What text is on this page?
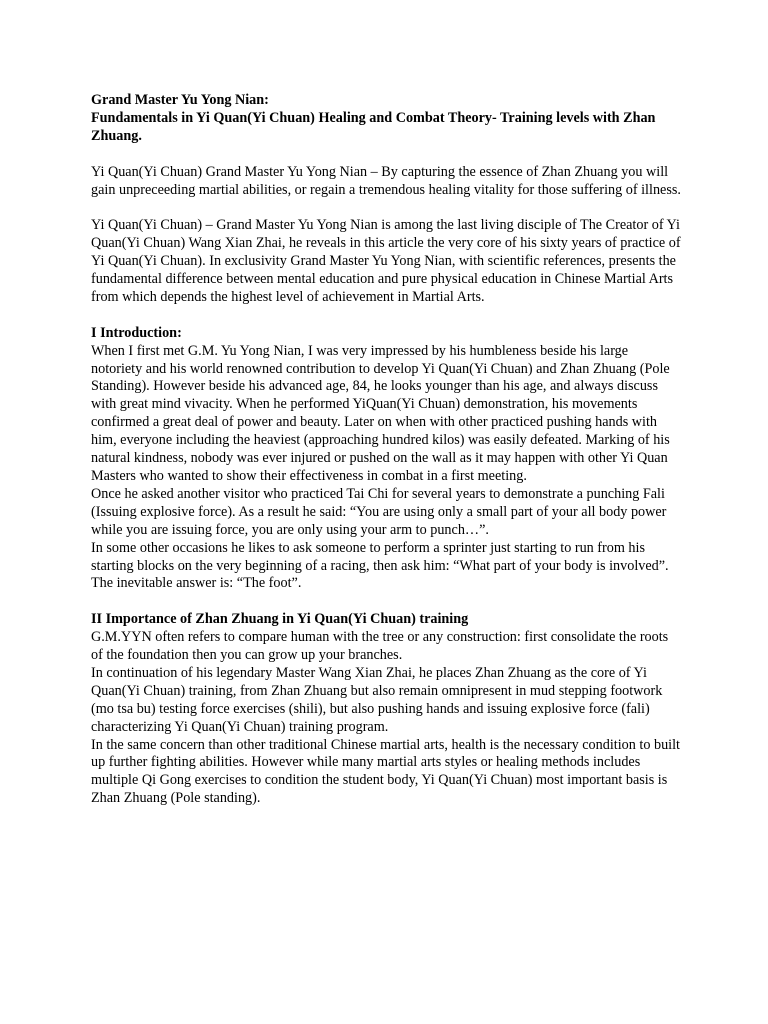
Grand Master Yu Yong Nian:

Fundamentals in Yi Quan(Yi Chuan) Healing and Combat Theory- Training levels with Zhan Zhuang.

Yi Quan(Yi Chuan) Grand Master Yu Yong Nian – By capturing the essence of Zhan Zhuang you will gain unpreceeding martial abilities, or regain a tremendous healing vitality for those suffering of illness.

Yi Quan(Yi Chuan) – Grand Master Yu Yong Nian is among the last living disciple of The Creator of Yi Quan(Yi Chuan) Wang Xian Zhai, he reveals in this article the very core of his sixty years of practice of Yi Quan(Yi Chuan). In exclusivity Grand Master Yu Yong Nian, with scientific references, presents the fundamental difference between mental education and pure physical education in Chinese Martial Arts from which depends the highest level of achievement in Martial Arts.

I Introduction:

When I first met G.M. Yu Yong Nian, I was very impressed by his humbleness beside his large notoriety and his world renowned contribution to develop Yi Quan(Yi Chuan) and Zhan Zhuang (Pole Standing). However beside his advanced age, 84, he looks younger than his age, and always discuss with great mind vivacity. When he performed YiQuan(Yi Chuan) demonstration, his movements confirmed a great deal of power and beauty. Later on when with other practiced pushing hands with him, everyone including the heaviest (approaching hundred kilos) was easily defeated. Marking of his natural kindness, nobody was ever injured or pushed on the wall as it may happen with other Yi Quan Masters who wanted to show their effectiveness in combat in a first meeting.

Once he asked another visitor who practiced Tai Chi for several years to demonstrate a punching Fali (Issuing explosive force). As a result he said: “You are using only a small part of your all body power while you are issuing force, you are only using your arm to punch…”.

In some other occasions he likes to ask someone to perform a sprinter just starting to run from his starting blocks on the very beginning of a racing, then ask him: “What part of your body is involved”. The inevitable answer is: “The foot”.

II Importance of Zhan Zhuang in Yi Quan(Yi Chuan) training

G.M.YYN often refers to compare human with the tree or any construction: first consolidate the roots of the foundation then you can grow up your branches.

In continuation of his legendary Master Wang Xian Zhai, he places Zhan Zhuang as the core of Yi Quan(Yi Chuan) training, from Zhan Zhuang but also remain omnipresent in mud stepping footwork (mo tsa bu) testing force exercises (shili), but also pushing hands and issuing explosive force (fali) characterizing Yi Quan(Yi Chuan) training program.

In the same concern than other traditional Chinese martial arts, health is the necessary condition to built up further fighting abilities. However while many martial arts styles or healing methods includes multiple Qi Gong exercises to condition the student body, Yi Quan(Yi Chuan) most important basis is Zhan Zhuang (Pole standing).
